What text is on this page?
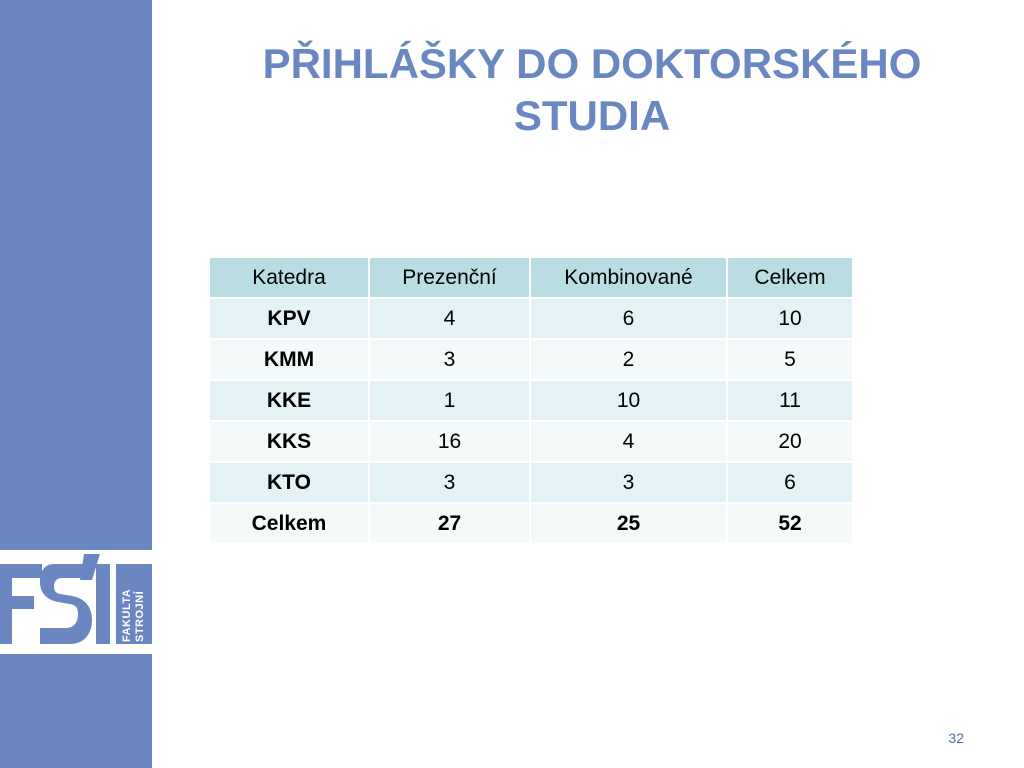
FAKULTA STROJNÍ
PŘIHLÁŠKY DO DOKTORSKÉHO
STUDIA
Katedra	Prezenční	Kombinované	Celkem
KPV	4	6	10
KMM	3	2	5
KKE	1	10	11
KKS	16	4	20
KTO	3	3	6
Celkem	27	25	52
32
